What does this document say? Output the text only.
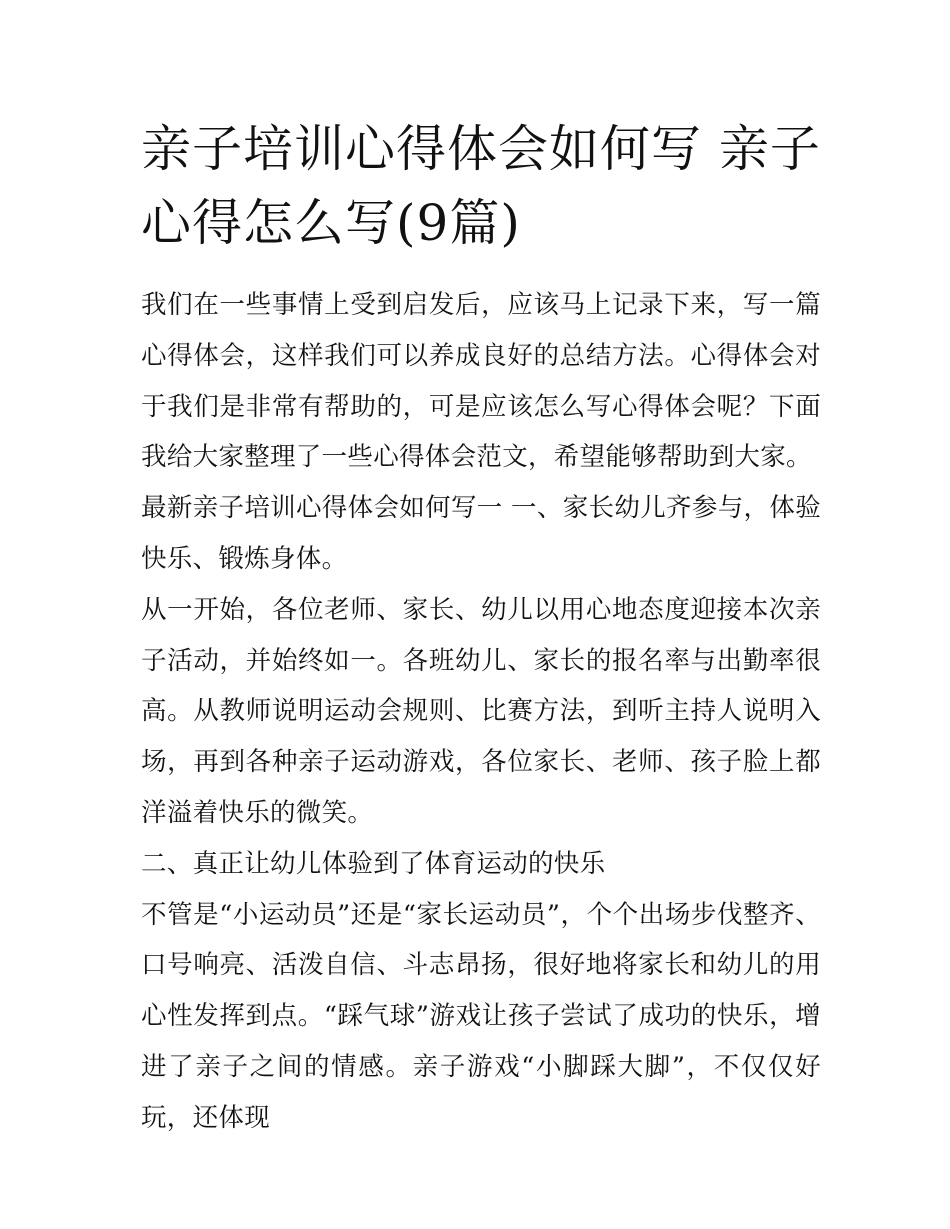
亲子培训心得体会如何写 亲子心得怎么写(9篇)

我们在一些事情上受到启发后，应该马上记录下来，写一篇心得体会，这样我们可以养成良好的总结方法。心得体会对于我们是非常有帮助的，可是应该怎么写心得体会呢？下面我给大家整理了一些心得体会范文，希望能够帮助到大家。

最新亲子培训心得体会如何写一 一、家长幼儿齐参与，体验快乐、锻炼身体。

从一开始，各位老师、家长、幼儿以用心地态度迎接本次亲子活动，并始终如一。各班幼儿、家长的报名率与出勤率很高。从教师说明运动会规则、比赛方法，到听主持人说明入场，再到各种亲子运动游戏，各位家长、老师、孩子脸上都洋溢着快乐的微笑。

二、真正让幼儿体验到了体育运动的快乐

不管是“小运动员”还是“家长运动员”，个个出场步伐整齐、口号响亮、活泼自信、斗志昂扬，很好地将家长和幼儿的用心性发挥到点。“踩气球”游戏让孩子尝试了成功的快乐，增进了亲子之间的情感。亲子游戏“小脚踩大脚”，不仅仅好玩，还体现
